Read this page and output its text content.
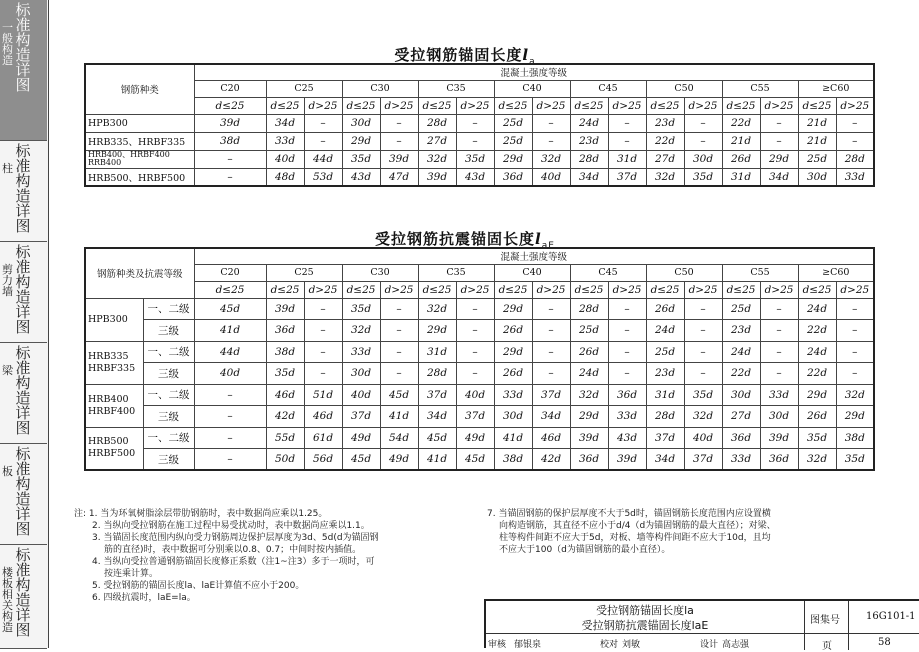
一般构造
标准构造详图
柱
标准构造详图
剪力墙
标准构造详图
梁
标准构造详图
板
标准构造详图
楼板相关构造
标准构造详图
受拉钢筋锚固长度$l_a$
钢筋种类	混凝土强度等级																
	C20	C25		C30		C35		C40		C45		C50		C55		≥C60	
	d≤25	d≤25	d>25	d≤25	d>25	d≤25	d>25	d≤25	d>25	d≤25	d>25	d≤25	d>25	d≤25	d>25	d≤25	d>25
HPB300	39d	34d	–	30d	–	28d	–	25d	–	24d	–	23d	–	22d	–	21d	–
HRB335、HRBF335	38d	33d	–	29d	–	27d	–	25d	–	23d	–	22d	–	21d	–	21d	–
HRB400、HRBF400 RRB400	–	40d	44d	35d	39d	32d	35d	29d	32d	28d	31d	27d	30d	26d	29d	25d	28d
HRB500、HRBF500	–	48d	53d	43d	47d	39d	43d	36d	40d	34d	37d	32d	35d	31d	34d	30d	33d
受拉钢筋抗震锚固长度$l_{aE}$
钢筋种类及抗震等级		混凝土强度等级																
		C20	C25		C30		C35		C40		C45		C50		C55		≥C60	
		d≤25	d≤25	d>25	d≤25	d>25	d≤25	d>25	d≤25	d>25	d≤25	d>25	d≤25	d>25	d≤25	d>25	d≤25	d>25
HPB300	一、二级	45d	39d	–	35d	–	32d	–	29d	–	28d	–	26d	–	25d	–	24d	–
	三级	41d	36d	–	32d	–	29d	–	26d	–	25d	–	24d	–	23d	–	22d	–
HRB335 HRBF335	一、二级	44d	38d	–	33d	–	31d	–	29d	–	26d	–	25d	–	24d	–	24d	–
	三级	40d	35d	–	30d	–	28d	–	26d	–	24d	–	23d	–	22d	–	22d	–
HRB400 HRBF400	一、二级	–	46d	51d	40d	45d	37d	40d	33d	37d	32d	36d	31d	35d	30d	33d	29d	32d
	三级	–	42d	46d	37d	41d	34d	37d	30d	34d	29d	33d	28d	32d	27d	30d	26d	29d
HRB500 HRBF500	一、二级	–	55d	61d	49d	54d	45d	49d	41d	46d	39d	43d	37d	40d	36d	39d	35d	38d
	三级	–	50d	56d	45d	49d	41d	45d	38d	42d	36d	39d	34d	37d	33d	36d	32d	35d
注: 1. 当为环氧树脂涂层带肋钢筋时，表中数据尚应乘以1.25。
2. 当纵向受拉钢筋在施工过程中易受扰动时，表中数据尚应乘以1.1。
3. 当锚固长度范围内纵向受力钢筋周边保护层厚度为3d、5d(d为锚固钢
筋的直径)时，表中数据可分别乘以0.8、0.7；中间时按内插值。
4. 当纵向受拉普通钢筋锚固长度修正系数（注1~注3）多于一项时，可
按连乘计算。
5. 受拉钢筋的锚固长度la、laE计算值不应小于200。
6. 四级抗震时，laE=la。
7. 当锚固钢筋的保护层厚度不大于5d时，锚固钢筋长度范围内应设置横
向构造钢筋，其直径不应小于d/4（d为锚固钢筋的最大直径）；对梁、
柱等构件间距不应大于5d，对板、墙等构件间距不应大于10d，且均
不应大于100（d为锚固钢筋的最小直径）。
受拉钢筋锚固长度la
受拉钢筋抗震锚固长度laE	图集号	16G101-1
审核 郁银泉	校对 刘敏	设计 高志强	页	58
